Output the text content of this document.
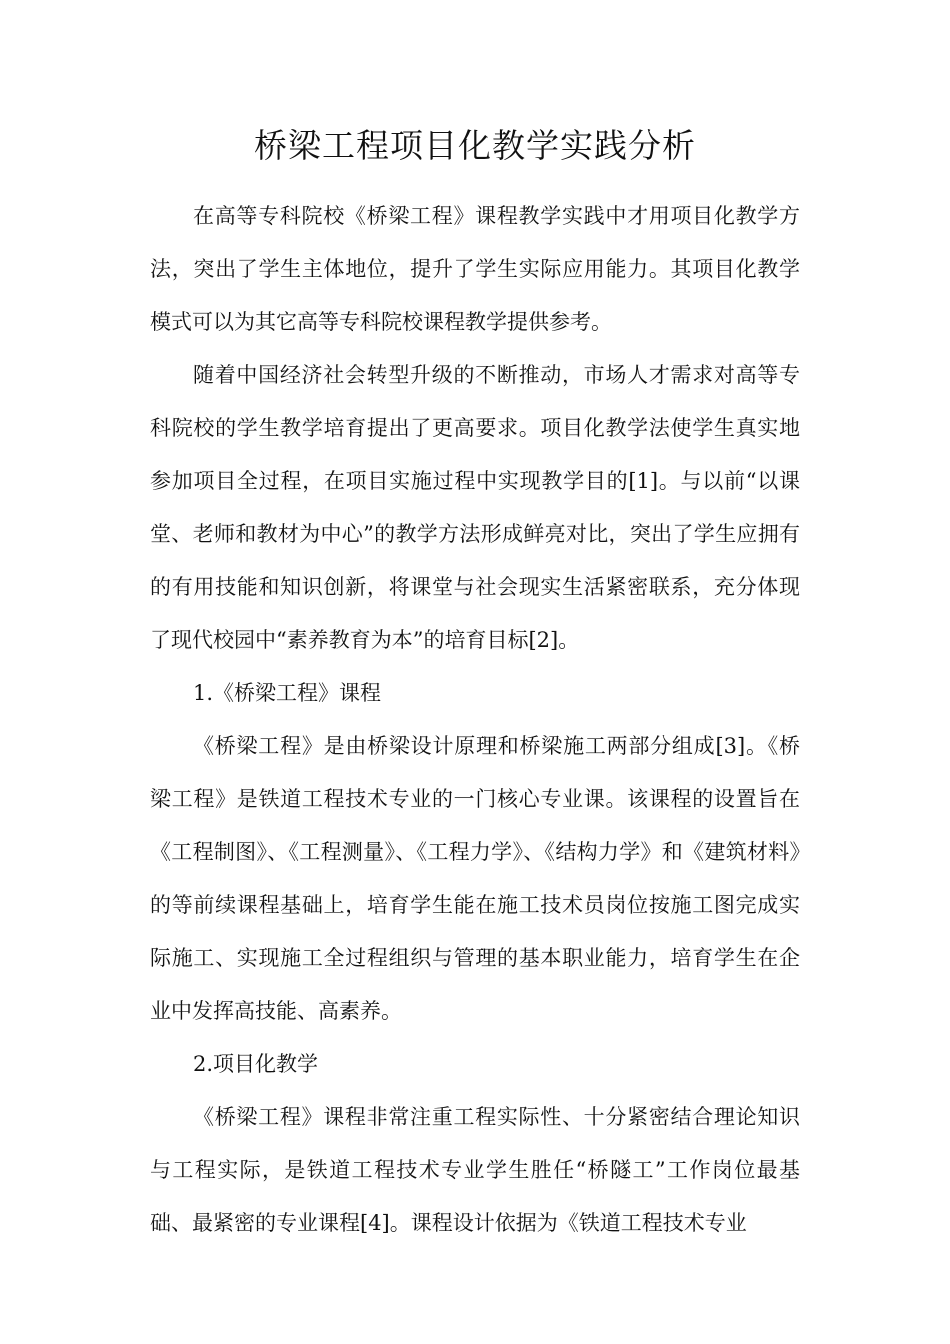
桥梁工程项目化教学实践分析

在高等专科院校《桥梁工程》课程教学实践中才用项目化教学方法，突出了学生主体地位，提升了学生实际应用能力。其项目化教学模式可以为其它高等专科院校课程教学提供参考。

随着中国经济社会转型升级的不断推动，市场人才需求对高等专科院校的学生教学培育提出了更高要求。项目化教学法使学生真实地参加项目全过程，在项目实施过程中实现教学目的[1]。与以前“以课堂、老师和教材为中心”的教学方法形成鲜亮对比，突出了学生应拥有的有用技能和知识创新，将课堂与社会现实生活紧密联系，充分体现了现代校园中“素养教育为本”的培育目标[2]。

1.《桥梁工程》课程

《桥梁工程》是由桥梁设计原理和桥梁施工两部分组成[3]。《桥梁工程》是铁道工程技术专业的一门核心专业课。该课程的设置旨在《工程制图》、《工程测量》、《工程力学》、《结构力学》和《建筑材料》的等前续课程基础上，培育学生能在施工技术员岗位按施工图完成实际施工、实现施工全过程组织与管理的基本职业能力，培育学生在企业中发挥高技能、高素养。

2.项目化教学

《桥梁工程》课程非常注重工程实际性、十分紧密结合理论知识与工程实际，是铁道工程技术专业学生胜任“桥隧工”工作岗位最基础、最紧密的专业课程[4]。课程设计依据为《铁道工程技术专业
